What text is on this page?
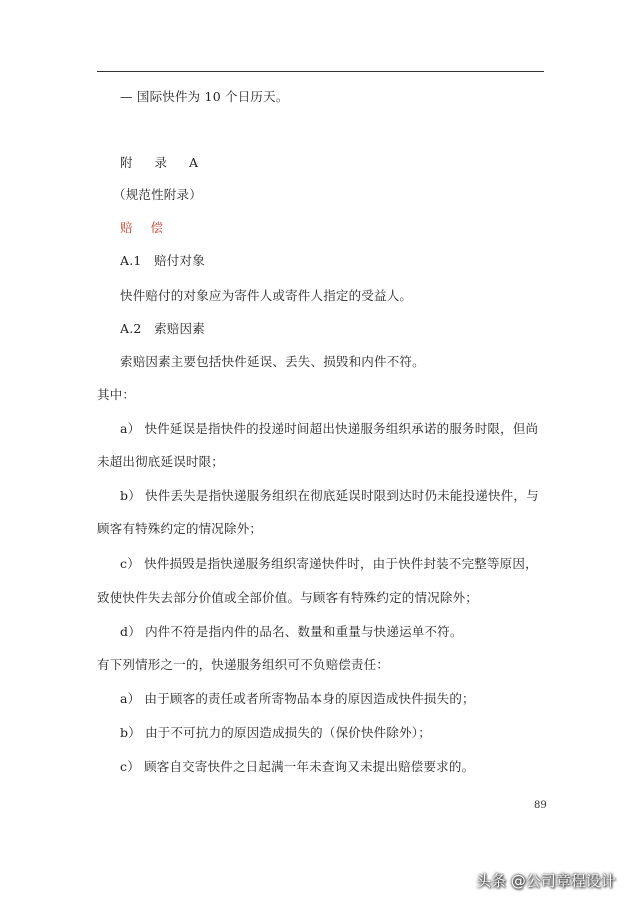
— 国际快件为 10 个日历天。
附录A
（规范性附录）
赔偿
A.1 赔付对象
快件赔付的对象应为寄件人或寄件人指定的受益人。
A.2 索赔因素
索赔因素主要包括快件延误、丢失、损毁和内件不符。
其中：
a） 快件延误是指快件的投递时间超出快递服务组织承诺的服务时限，但尚
未超出彻底延误时限；
b） 快件丢失是指快递服务组织在彻底延误时限到达时仍未能投递快件，与
顾客有特殊约定的情况除外；
c） 快件损毁是指快递服务组织寄递快件时，由于快件封装不完整等原因，
致使快件失去部分价值或全部价值。与顾客有特殊约定的情况除外；
d） 内件不符是指内件的品名、数量和重量与快递运单不符。
有下列情形之一的，快递服务组织可不负赔偿责任：
a） 由于顾客的责任或者所寄物品本身的原因造成快件损失的；
b） 由于不可抗力的原因造成损失的（保价快件除外）；
c） 顾客自交寄快件之日起满一年未查询又未提出赔偿要求的。
89
头条 @公司章程设计
